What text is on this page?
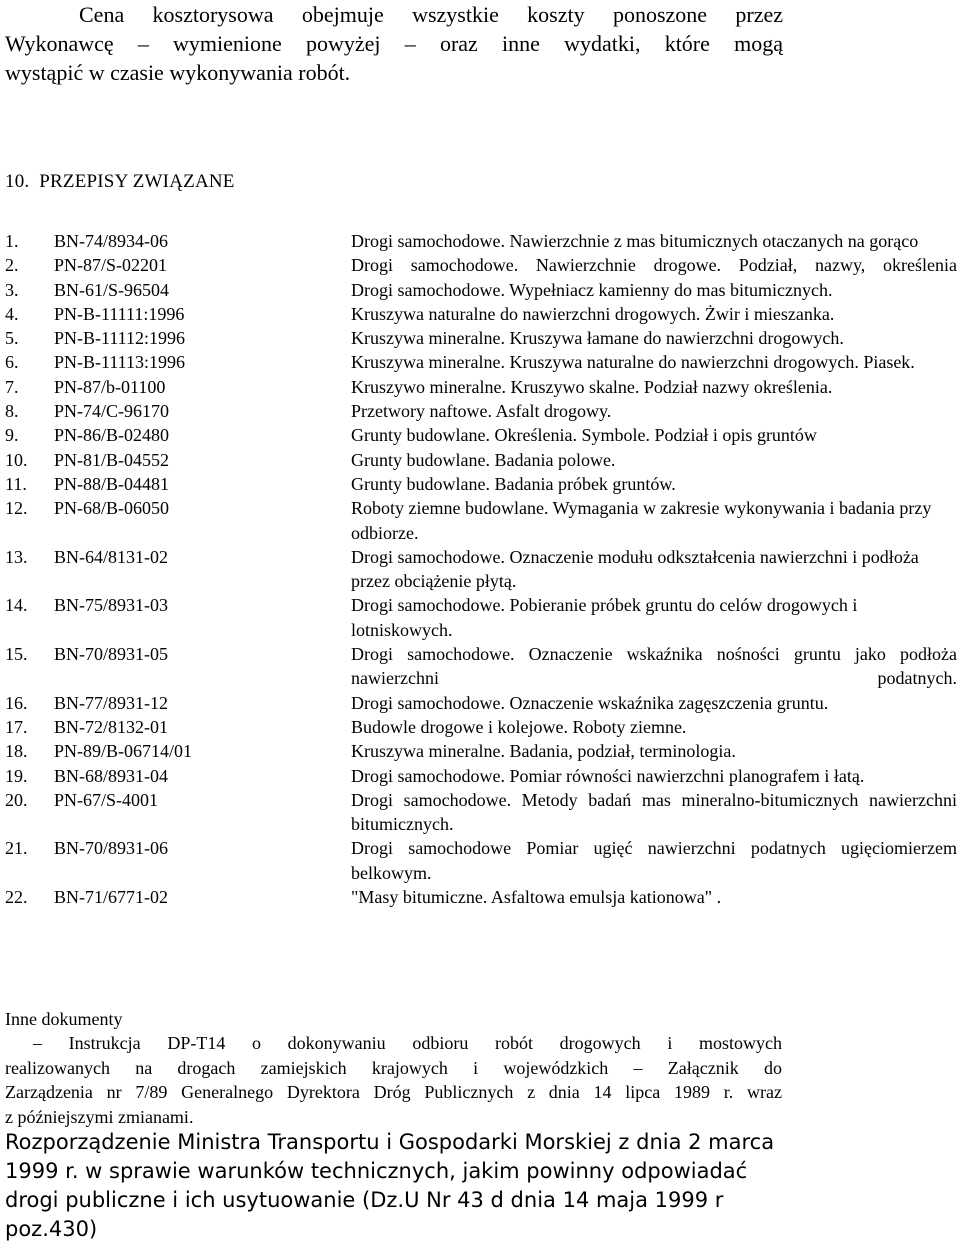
Cena kosztorysowa obejmuje wszystkie koszty ponoszone przez
Wykonawcę – wymienione powyżej – oraz inne wydatki, które mogą
wystąpić w czasie wykonywania robót.
10. PRZEPISY ZWIĄZANE
1. BN-74/8934-06	Drogi samochodowe. Nawierzchnie z mas bitumicznych otaczanych na gorąco
2. PN-87/S-02201	Drogi samochodowe. Nawierzchnie drogowe. Podział, nazwy, określenia
3. BN-61/S-96504	Drogi samochodowe. Wypełniacz kamienny do mas bitumicznych.
4. PN-B-11111:1996	Kruszywa naturalne do nawierzchni drogowych. Żwir i mieszanka.
5. PN-B-11112:1996	Kruszywa mineralne. Kruszywa łamane do nawierzchni drogowych.
6. PN-B-11113:1996	Kruszywa mineralne. Kruszywa naturalne do nawierzchni drogowych. Piasek.
7. PN-87/b-01100	Kruszywo mineralne. Kruszywo skalne. Podział nazwy określenia.
8. PN-74/C-96170	Przetwory naftowe. Asfalt drogowy.
9. PN-86/B-02480	Grunty budowlane. Określenia. Symbole. Podział i opis gruntów
10. PN-81/B-04552	Grunty budowlane. Badania polowe.
11. PN-88/B-04481	Grunty budowlane. Badania próbek gruntów.
12. PN-68/B-06050	Roboty ziemne budowlane. Wymagania w zakresie wykonywania i badania przy odbiorze.
13. BN-64/8131-02	Drogi samochodowe. Oznaczenie modułu odkształcenia nawierzchni i podłoża przez obciążenie płytą.
14. BN-75/8931-03	Drogi samochodowe. Pobieranie próbek gruntu do celów drogowych i lotniskowych.
15. BN-70/8931-05	Drogi samochodowe. Oznaczenie wskaźnika nośności gruntu jako podłoża nawierzchni podatnych.
16. BN-77/8931-12	Drogi samochodowe. Oznaczenie wskaźnika zagęszczenia gruntu.
17. BN-72/8132-01	Budowle drogowe i kolejowe. Roboty ziemne.
18. PN-89/B-06714/01	Kruszywa mineralne. Badania, podział, terminologia.
19. BN-68/8931-04	Drogi samochodowe. Pomiar równości nawierzchni planografem i łatą.
20. PN-67/S-4001	Drogi samochodowe. Metody badań mas mineralno-bitumicznych nawierzchni bitumicznych.
21. BN-70/8931-06	Drogi samochodowe Pomiar ugięć nawierzchni podatnych ugięciomierzem belkowym.
22. BN-71/6771-02	"Masy bitumiczne. Asfaltowa emulsja kationowa" .
Inne dokumenty
– Instrukcja DP-T14 o dokonywaniu odbioru robót drogowych i mostowych
realizowanych na drogach zamiejskich krajowych i wojewódzkich – Załącznik do
Zarządzenia nr 7/89 Generalnego Dyrektora Dróg Publicznych z dnia 14 lipca 1989 r. wraz
z późniejszymi zmianami.
Rozporządzenie Ministra Transportu i Gospodarki Morskiej z dnia 2 marca
1999 r. w sprawie warunków technicznych, jakim powinny odpowiadać
drogi publiczne i ich usytuowanie (Dz.U Nr 43 d dnia 14 maja 1999 r
poz.430)
